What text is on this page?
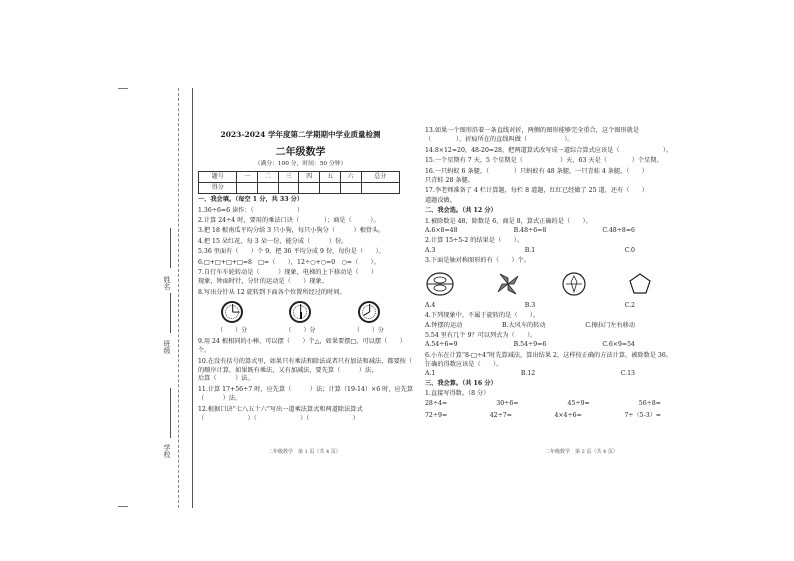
姓名
班级
学校
2023-2024 学年度第二学期期中学业质量检测
二年级数学
（满分：100 分，时间：50 分钟）
题号	一	二	三	四	五	六	总分
得分							
一、我会填。（每空 1 分，共 33 分）

1.36÷6=6 读作：（　　　　　　　）

2.计算 24÷4 时，要用的乘法口诀（　　　　）；商是（　　　）。

3.把 18 根南瓜平均分给 3 只小狗，每只小狗分（　　　）根骨头。

4.把 15 朵红花，每 3 朵一份，能分成（　　　）份。

5.36 里面有（　　）个 9，把 36 平均分成 9 份，每份是（　　）。

6.□+□+□+□=8　□=（　　），12÷○+○=0　○=（　　）。

7.自行车车轮转动是（　　　）现象，电梯的上下移动是（　　）

现象，钟面时针，分针的运动是（　　）现象。

8.写出分针从 12 旋转到下面各个位置所经过的时间。

（　　）分	（　　）分	（　　）分

9.用 24 根相同的小棒，可以摆（　　）个△，如果要摆□，可以摆（　　）

个。

10.在没有括号的算式里，如果只有乘法和除法或者只有加法和减法，都要按（　　）

的顺序计算，如果既有乘法，又有加减法，要先算（　　　）法，

后算（　　　）法。

11.计算 17+56÷7 时，应先算（　　　）法；计算（19-14）×6 时，应先算

（　　　）法。

12.根据口诀“七八五十六”写出一道乘法算式和两道除法算式

（　　　　　　　）（　　　　　　　）（　　　　　　　）

13.如果一个图形沿着一条直线对折，两侧的图形能够完全重合，这个图形就是

（　　　　），折痕所在的直线叫做（　　　　　　）。

14.8×12=20，48-20=28，把两道算式改写成一道综合算式应该是（　　　　　　　）。

15.一个星期有 7 天，5 个星期是（　　　　　　）天，63 天是（　　　　）个星期。

16.一只蚂蚁 6 条腿，（　　　　）只蚂蚁有 48 条腿，一只青蛙 4 条腿，（　　）

只青蛙 28 条腿。

17.李老师准备了 4 栏计算题，每栏 8 道题，红红已经做了 25 道，还有（　　）

道题没做。

二、我会选。（共 12 分）

1.被除数是 48，除数是 6，商是 8，算式正确的是（　　）。

A.6×8=48	B.48÷6=8	C.48÷8=6

2.计算 15÷5-2 的结果是（　　）。

A.3	B.1	C.0

3.下面是轴对称图形的有（　　）个。

A.4	B.3	C.2

4.下列现象中，不属于旋转的是（　　）。

A.钟摆的运动	B.大风车的转动	C.擦拉门左右移动

5.54 里有几个 9？可以列式为（　　）。

A.54÷6=9	B.54÷9=6	C.6×9=54

6.小东在计算“8-□÷4”时先算减法，算出结果 2，这样按正确的方法计算，被除数是 36。

正确的得数应该是（　　）。

A.1	B.12	C.13
三、我会算。（共 16 分）

1.直接写得数。（8 分）

28÷4=	30÷6=	45÷9=	56÷8=
72÷9=	42÷7=	4×4÷6=	7÷（5-3）=
二年级数学　第 1 页（共 4 页）	二年级数学　第 2 页（共 4 页）
